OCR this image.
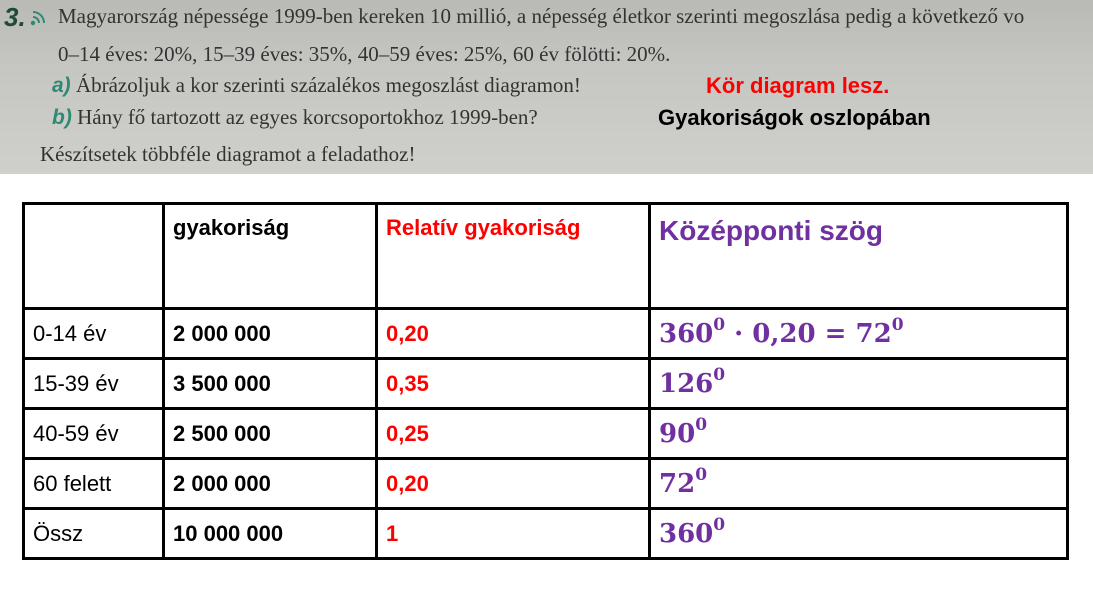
3. Magyarország népessége 1999-ben kereken 10 millió, a népesség életkor szerinti megoszlása pedig a következő vo
0–14 éves: 20%, 15–39 éves: 35%, 40–59 éves: 25%, 60 év fölötti: 20%.
a) Ábrázoljuk a kor szerinti százalékos megoszlást diagramon!
b) Hány fő tartozott az egyes korcsoportokhoz 1999-ben?
Készítsetek többféle diagramot a feladathoz!
Kör diagram lesz.
Gyakoriságok oszlopában
	gyakoriság	Relatív gyakoriság	Középponti szög
0-14 év	2 000 000	0,20	$360^0 \cdot 0,20 = 72^0$
15-39 év	3 500 000	0,35	$126^0$
40-59 év	2 500 000	0,25	$90^0$
60 felett	2 000 000	0,20	$72^0$
Össz	10 000 000	1	$360^0$
